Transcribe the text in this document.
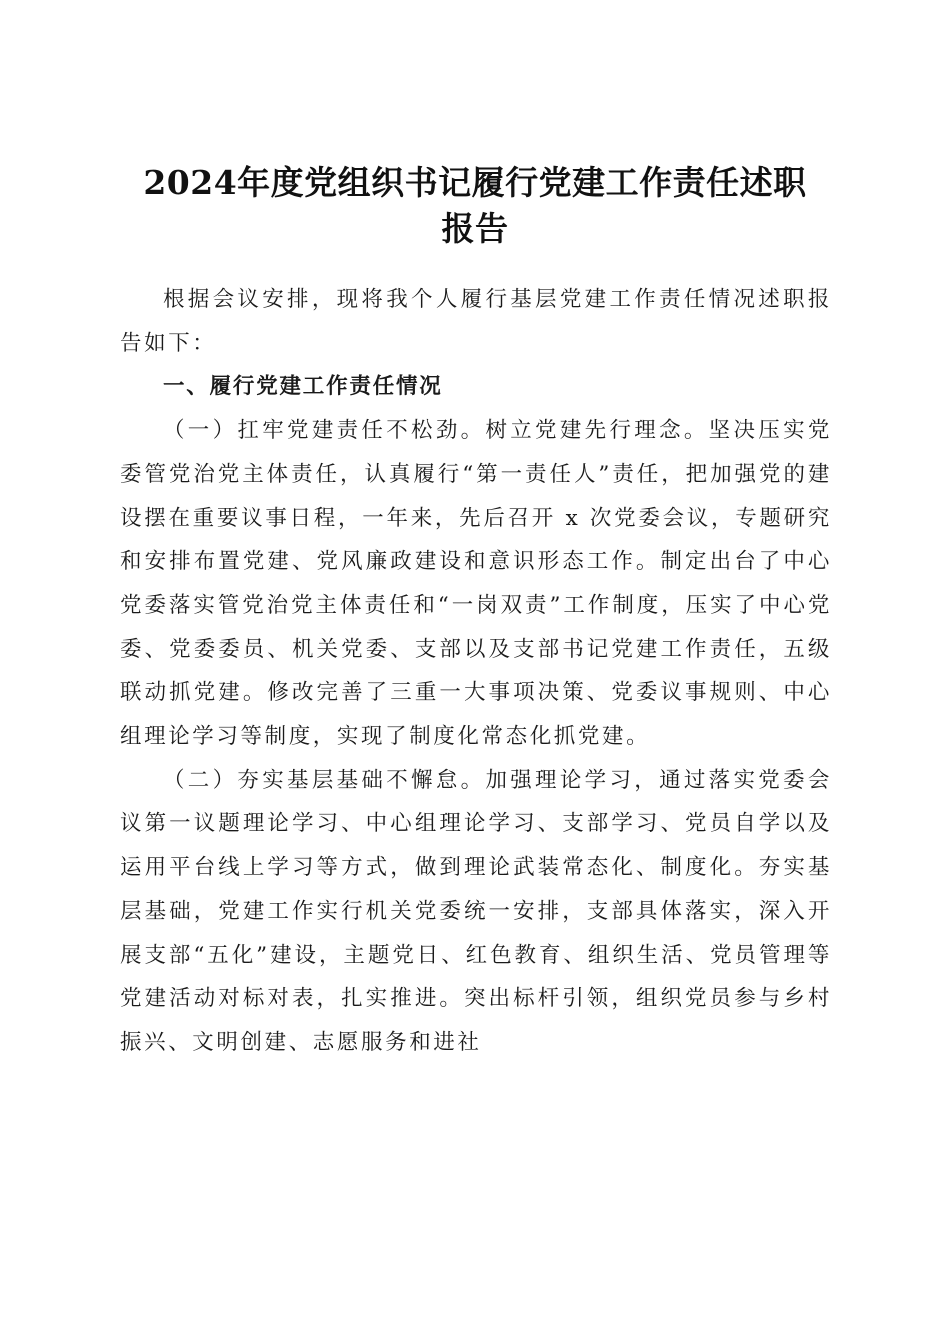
2024年度党组织书记履行党建工作责任述职
报告

根据会议安排，现将我个人履行基层党建工作责任情况述职报告如下：

一、履行党建工作责任情况

（一）扛牢党建责任不松劲。树立党建先行理念。坚决压实党委管党治党主体责任，认真履行“第一责任人”责任，把加强党的建设摆在重要议事日程，一年来，先后召开 x 次党委会议，专题研究和安排布置党建、党风廉政建设和意识形态工作。制定出台了中心党委落实管党治党主体责任和“一岗双责”工作制度，压实了中心党委、党委委员、机关党委、支部以及支部书记党建工作责任，五级联动抓党建。修改完善了三重一大事项决策、党委议事规则、中心组理论学习等制度，实现了制度化常态化抓党建。

（二）夯实基层基础不懈怠。加强理论学习，通过落实党委会议第一议题理论学习、中心组理论学习、支部学习、党员自学以及运用平台线上学习等方式，做到理论武装常态化、制度化。夯实基层基础，党建工作实行机关党委统一安排，支部具体落实，深入开展支部“五化”建设，主题党日、红色教育、组织生活、党员管理等党建活动对标对表，扎实推进。突出标杆引领，组织党员参与乡村振兴、文明创建、志愿服务和进社
